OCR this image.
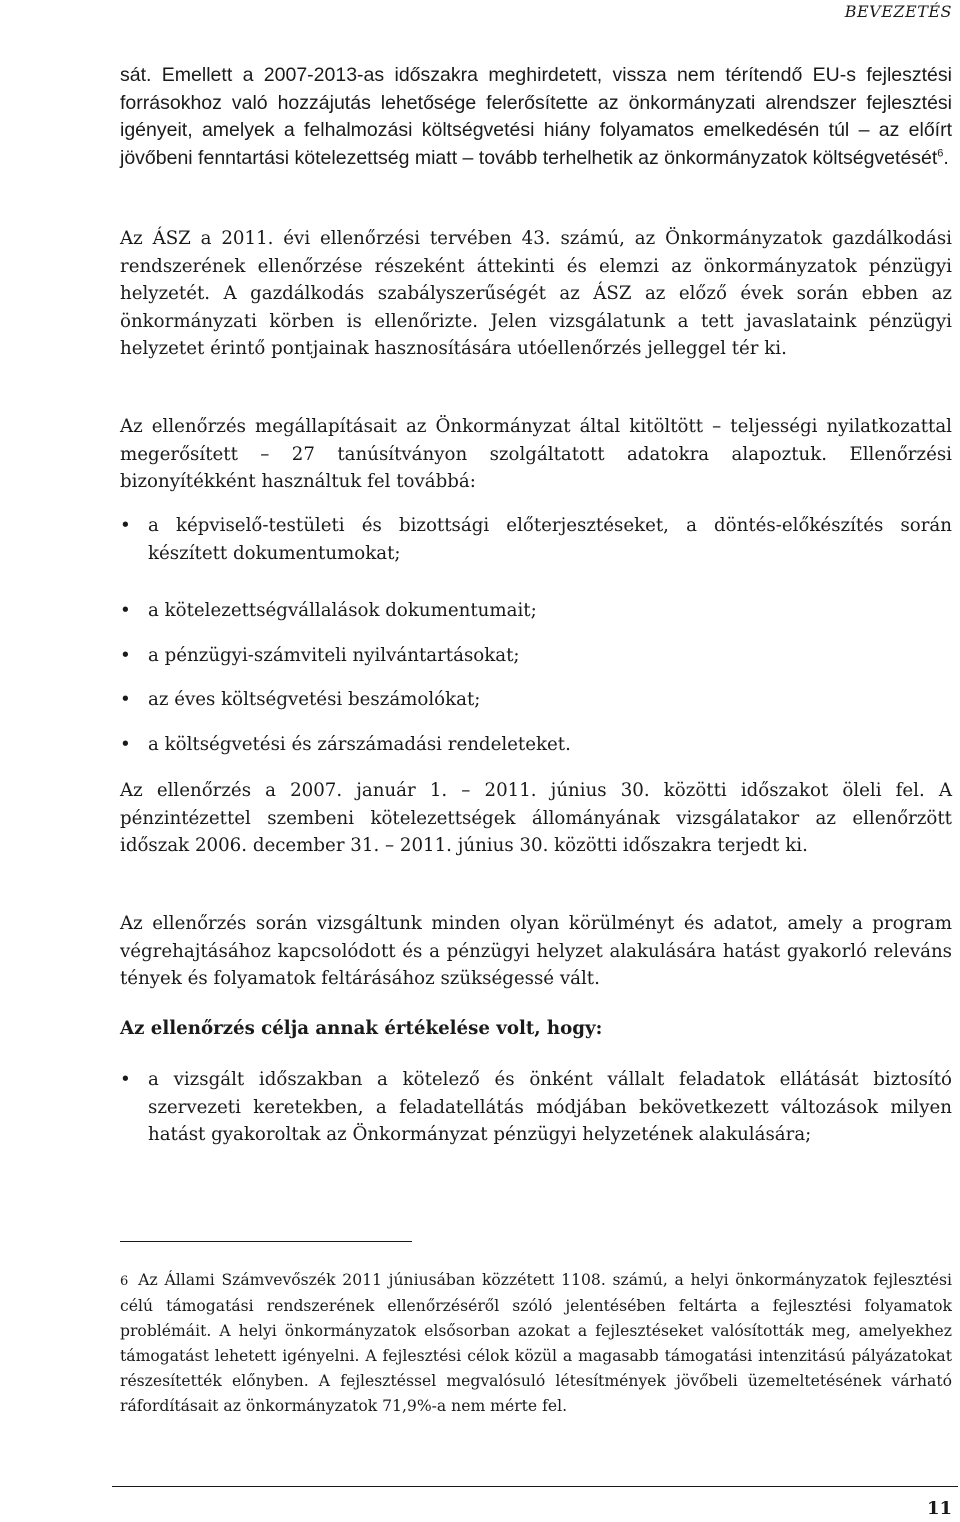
BEVEZETÉS

sát. Emellett a 2007-2013-as időszakra meghirdetett, vissza nem térítendő EU-s fejlesztési forrásokhoz való hozzájutás lehetősége felerősítette az önkormányzati alrendszer fejlesztési igényeit, amelyek a felhalmozási költségvetési hiány folyamatos emelkedésén túl – az előírt jövőbeni fenntartási kötelezettség miatt – tovább terhelhetik az önkormányzatok költségvetését$^6$.

Az ÁSZ a 2011. évi ellenőrzési tervében 43. számú, az Önkormányzatok gazdálkodási rendszerének ellenőrzése részeként áttekinti és elemzi az önkormányzatok pénzügyi helyzetét. A gazdálkodás szabályszerűségét az ÁSZ az előző évek során ebben az önkormányzati körben is ellenőrizte. Jelen vizsgálatunk a tett javaslataink pénzügyi helyzetet érintő pontjainak hasznosítására utóellenőrzés jelleggel tér ki.

Az ellenőrzés megállapításait az Önkormányzat által kitöltött – teljességi nyilatkozattal megerősített – 27 tanúsítványon szolgáltatott adatokra alapoztuk. Ellenőrzési bizonyítékként használtuk fel továbbá:

• a képviselő-testületi és bizottsági előterjesztéseket, a döntés-előkészítés során készített dokumentumokat;
• a kötelezettségvállalások dokumentumait;
• a pénzügyi-számviteli nyilvántartásokat;
• az éves költségvetési beszámolókat;
• a költségvetési és zárszámadási rendeleteket.

Az ellenőrzés a 2007. január 1. – 2011. június 30. közötti időszakot öleli fel. A pénzintézettel szembeni kötelezettségek állományának vizsgálatakor az ellenőrzött időszak 2006. december 31. – 2011. június 30. közötti időszakra terjedt ki.

Az ellenőrzés során vizsgáltunk minden olyan körülményt és adatot, amely a program végrehajtásához kapcsolódott és a pénzügyi helyzet alakulására hatást gyakorló releváns tények és folyamatok feltárásához szükségessé vált.

Az ellenőrzés célja annak értékelése volt, hogy:

• a vizsgált időszakban a kötelező és önként vállalt feladatok ellátását biztosító szervezeti keretekben, a feladatellátás módjában bekövetkezett változások milyen hatást gyakoroltak az Önkormányzat pénzügyi helyzetének alakulására;

6 Az Állami Számvevőszék 2011 júniusában közzétett 1108. számú, a helyi önkormányzatok fejlesztési célú támogatási rendszerének ellenőrzéséről szóló jelentésében feltárta a fejlesztési folyamatok problémáit. A helyi önkormányzatok elsősorban azokat a fejlesztéseket valósították meg, amelyekhez támogatást lehetett igényelni. A fejlesztési célok közül a magasabb támogatási intenzitású pályázatokat részesítették előnyben. A fejlesztéssel megvalósuló létesítmények jövőbeli üzemeltetésének várható ráfordításait az önkormányzatok 71,9%-a nem mérte fel.

11
